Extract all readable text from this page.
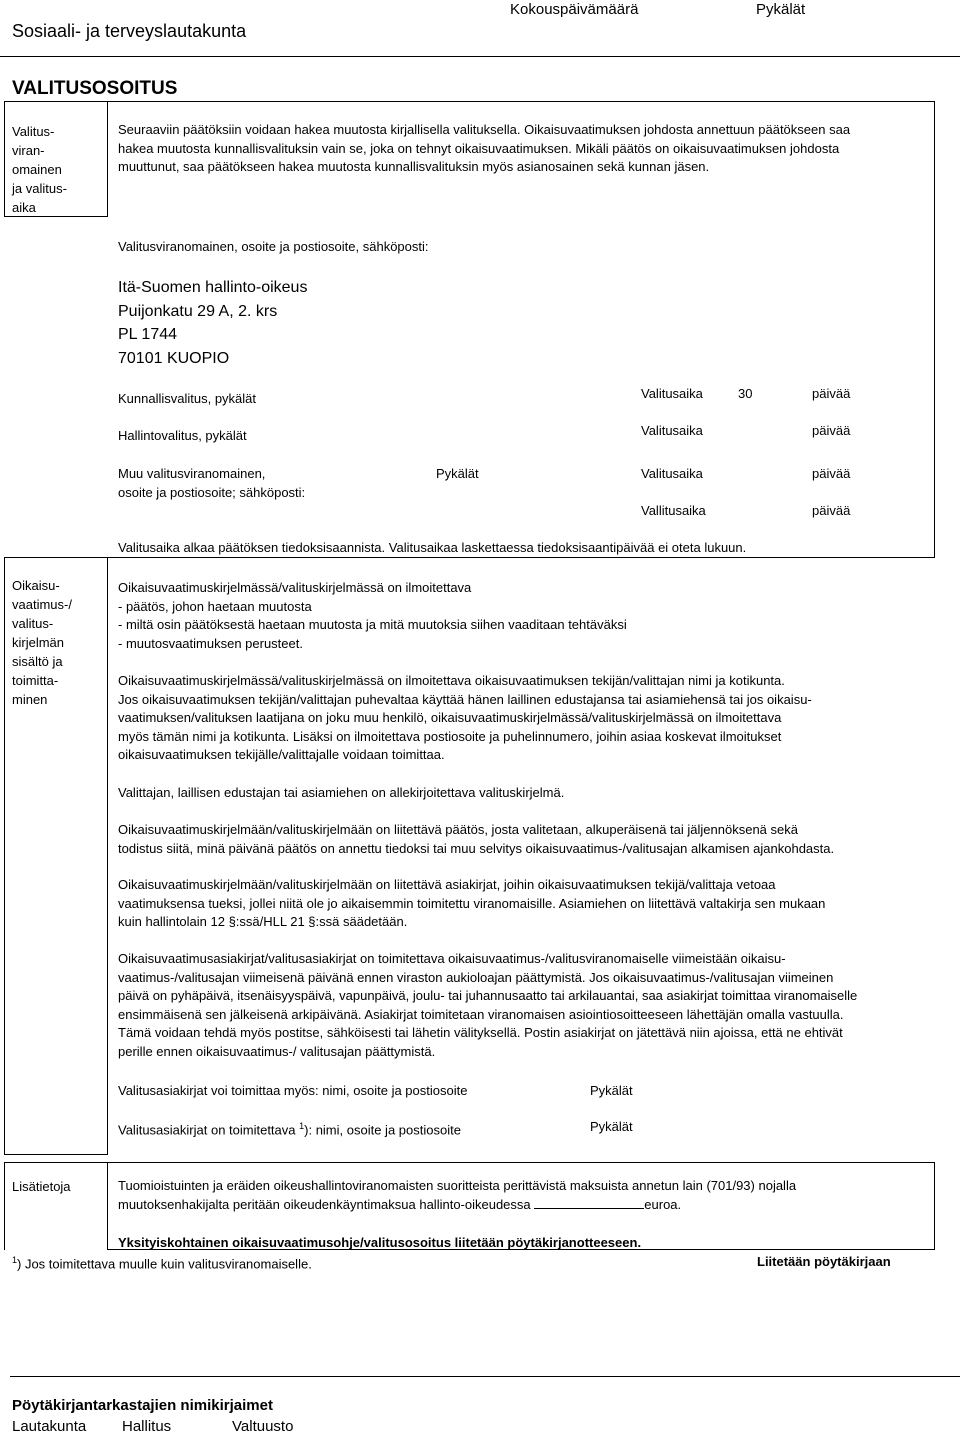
Sosiaali- ja terveyslautakunta
Kokouspäivämäärä	Pykälät
VALITUSOSOITUS
Valitus-
viran-
omainen
ja valitus-
aika
Seuraaviin päätöksiin voidaan hakea muutosta kirjallisella valituksella. Oikaisuvaatimuksen johdosta annettuun päätökseen saa
hakea muutosta kunnallisvalituksin vain se, joka on tehnyt oikaisuvaatimuksen. Mikäli päätös on oikaisuvaatimuksen johdosta
muuttunut, saa päätökseen hakea muutosta kunnallisvalituksin myös asianosainen sekä kunnan jäsen.
Valitusviranomainen, osoite ja postiosoite, sähköposti:
Itä-Suomen hallinto-oikeus
Puijonkatu 29 A, 2. krs
PL 1744
70101 KUOPIO
Kunnallisvalitus, pykälät	Valitusaika	30	päivää
Hallintovalitus, pykälät	Valitusaika	päivää
Muu valitusviranomainen,
osoite ja postiosoite; sähköposti:
Pykälät	Valitusaika	päivää
Vallitusaika	päivää
Valitusaika alkaa päätöksen tiedoksisaannista. Valitusaikaa laskettaessa tiedoksisaantipäivää ei oteta lukuun.
Oikaisu-
vaatimus-/
valitus-
kirjelmän
sisältö ja
toimitta-
minen
Oikaisuvaatimuskirjelmässä/valituskirjelmässä on ilmoitettava
- päätös, johon haetaan muutosta
- miltä osin päätöksestä haetaan muutosta ja mitä muutoksia siihen vaaditaan tehtäväksi
- muutosvaatimuksen perusteet.
Oikaisuvaatimuskirjelmässä/valituskirjelmässä on ilmoitettava oikaisuvaatimuksen tekijän/valittajan nimi ja kotikunta.
Jos oikaisuvaatimuksen tekijän/valittajan puhevaltaa käyttää hänen laillinen edustajansa tai asiamiehensä tai jos oikaisu-
vaatimuksen/valituksen laatijana on joku muu henkilö, oikaisuvaatimuskirjelmässä/valituskirjelmässä on ilmoitettava
myös tämän nimi ja kotikunta. Lisäksi on ilmoitettava postiosoite ja puhelinnumero, joihin asiaa koskevat ilmoitukset
oikaisuvaatimuksen tekijälle/valittajalle voidaan toimittaa.
Valittajan, laillisen edustajan tai asiamiehen on allekirjoitettava valituskirjelmä.
Oikaisuvaatimuskirjelmään/valituskirjelmään on liitettävä päätös, josta valitetaan, alkuperäisenä tai jäljennöksenä sekä
todistus siitä, minä päivänä päätös on annettu tiedoksi tai muu selvitys oikaisuvaatimus-/valitusajan alkamisen ajankohdasta.
Oikaisuvaatimuskirjelmään/valituskirjelmään on liitettävä asiakirjat, joihin oikaisuvaatimuksen tekijä/valittaja vetoaa
vaatimuksensa tueksi, jollei niitä ole jo aikaisemmin toimitettu viranomaisille. Asiamiehen on liitettävä valtakirja sen mukaan
kuin hallintolain 12 §:ssä/HLL 21 §:ssä säädetään.
Oikaisuvaatimusasiakirjat/valitusasiakirjat on toimitettava oikaisuvaatimus-/valitusviranomaiselle viimeistään oikaisu-
vaatimus-/valitusajan viimeisenä päivänä ennen viraston aukioloajan päättymistä. Jos oikaisuvaatimus-/valitusajan viimeinen
päivä on pyhäpäivä, itsenäisyyspäivä, vapunpäivä, joulu- tai juhannusaatto tai arkilauantai, saa asiakirjat toimittaa viranomaiselle
ensimmäisenä sen jälkeisenä arkipäivänä. Asiakirjat toimitetaan viranomaisen asiointiosoitteeseen lähettäjän omalla vastuulla.
Tämä voidaan tehdä myös postitse, sähköisesti tai lähetin välityksellä. Postin asiakirjat on jätettävä niin ajoissa, että ne ehtivät
perille ennen oikaisuvaatimus-/ valitusajan päättymistä.
Valitusasiakirjat voi toimittaa myös: nimi, osoite ja postiosoite	Pykälät
Valitusasiakirjat on toimitettava $^1$): nimi, osoite ja postiosoite	Pykälät
Lisätietoja	Tuomioistuinten ja eräiden oikeushallintoviranomaisten suoritteista perittävistä maksuista annetun lain (701/93) nojalla
muutoksenhakijalta peritään oikeudenkäyntimaksua hallinto-oikeudessa	euroa.
Yksityiskohtainen oikaisuvaatimusohje/valitusosoitus liitetään pöytäkirjanotteeseen.
$^1$) Jos toimitettava muulle kuin valitusviranomaiselle.	Liitetään pöytäkirjaan
Pöytäkirjantarkastajien nimikirjaimet
Lautakunta Hallitus	Valtuusto
